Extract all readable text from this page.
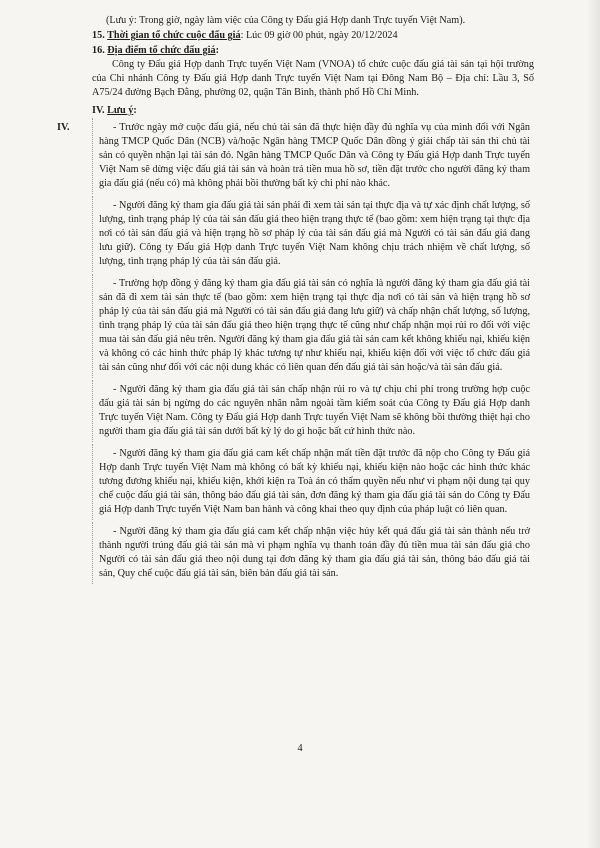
(Lưu ý: Trong giờ, ngày làm việc của Công ty Đấu giá Hợp danh Trực tuyến Việt Nam).
15. Thời gian tổ chức cuộc đấu giá: Lúc 09 giờ 00 phút, ngày 20/12/2024
16. Địa điểm tổ chức đấu giá:

Công ty Đấu giá Hợp danh Trực tuyến Việt Nam (VNOA) tổ chức cuộc đấu giá tài sản tại hội trường của Chi nhánh Công ty Đấu giá Hợp danh Trực tuyến Việt Nam tại Đông Nam Bộ – Địa chỉ: Lầu 3, Số A75/24 đường Bạch Đằng, phường 02, quận Tân Bình, thành phố Hồ Chí Minh.

IV. Lưu ý:
IV.	- Trước ngày mở cuộc đấu giá, nếu chủ tài sản đã thực hiện đầy đủ nghĩa vụ của mình đối với Ngân hàng TMCP Quốc Dân (NCB) và/hoặc Ngân hàng TMCP Quốc Dân đồng ý giải chấp tài sản thì chủ tài sản có quyền nhận lại tài sản đó. Ngân hàng TMCP Quốc Dân và Công ty Đấu giá Hợp danh Trực tuyến Việt Nam sẽ dừng việc đấu giá tài sản và hoàn trả tiền mua hồ sơ, tiền đặt trước cho người đăng ký tham gia đấu giá (nếu có) mà không phải bồi thường bất kỳ chi phí nào khác.
- Người đăng ký tham gia đấu giá tài sản phải đi xem tài sản tại thực địa và tự xác định chất lượng, số lượng, tình trạng pháp lý của tài sản đấu giá theo hiện trạng thực tế (bao gồm: xem hiện trạng tại thực địa nơi có tài sản đấu giá và hiện trạng hồ sơ pháp lý của tài sản đấu giá mà Người có tài sản đấu giá đang lưu giữ). Công ty Đấu giá Hợp danh Trực tuyến Việt Nam không chịu trách nhiệm về chất lượng, số lượng, tình trạng pháp lý của tài sản đấu giá.
- Trường hợp đồng ý đăng ký tham gia đấu giá tài sản có nghĩa là người đăng ký tham gia đấu giá tài sản đã đi xem tài sản thực tế (bao gồm: xem hiện trạng tại thực địa nơi có tài sản và hiện trạng hồ sơ pháp lý của tài sản đấu giá mà Người có tài sản đấu giá đang lưu giữ) và chấp nhận chất lượng, số lượng, tình trạng pháp lý của tài sản đấu giá theo hiện trạng thực tế cũng như chấp nhận mọi rủi ro đối với việc mua tài sản đấu giá nêu trên. Người đăng ký tham gia đấu giá tài sản cam kết không khiếu nại, khiếu kiện và không có các hình thức pháp lý khác tương tự như khiếu nại, khiếu kiện đối với việc tổ chức đấu giá tài sản cũng như đối với các nội dung khác có liên quan đến đấu giá tài sản hoặc/và tài sản đấu giá.
- Người đăng ký tham gia đấu giá tài sản chấp nhận rủi ro và tự chịu chi phí trong trường hợp cuộc đấu giá tài sản bị ngừng do các nguyên nhân nằm ngoài tầm kiểm soát của Công ty Đấu giá Hợp danh Trực tuyến Việt Nam. Công ty Đấu giá Hợp danh Trực tuyến Việt Nam sẽ không bồi thường thiệt hại cho người tham gia đấu giá tài sản dưới bất kỳ lý do gì hoặc bất cứ hình thức nào.
- Người đăng ký tham gia đấu giá cam kết chấp nhận mất tiền đặt trước đã nộp cho Công ty Đấu giá Hợp danh Trực tuyến Việt Nam mà không có bất kỳ khiếu nại, khiếu kiện nào hoặc các hình thức khác tương đương khiếu nại, khiếu kiện, khởi kiện ra Toà án có thẩm quyền nếu như vi phạm nội dung tại quy chế cuộc đấu giá tài sản, thông báo đấu giá tài sản, đơn đăng ký tham gia đấu giá tài sản do Công ty Đấu giá Hợp danh Trực tuyến Việt Nam ban hành và công khai theo quy định của pháp luật có liên quan.
- Người đăng ký tham gia đấu giá cam kết chấp nhận việc hủy kết quả đấu giá tài sản thành nếu trở thành người trúng đấu giá tài sản mà vi phạm nghĩa vụ thanh toán đầy đủ tiền mua tài sản đấu giá cho Người có tài sản đấu giá theo nội dung tại đơn đăng ký tham gia đấu giá tài sản, thông báo đấu giá tài sản, Quy chế cuộc đấu giá tài sản, biên bản đấu giá tài sản.
4
